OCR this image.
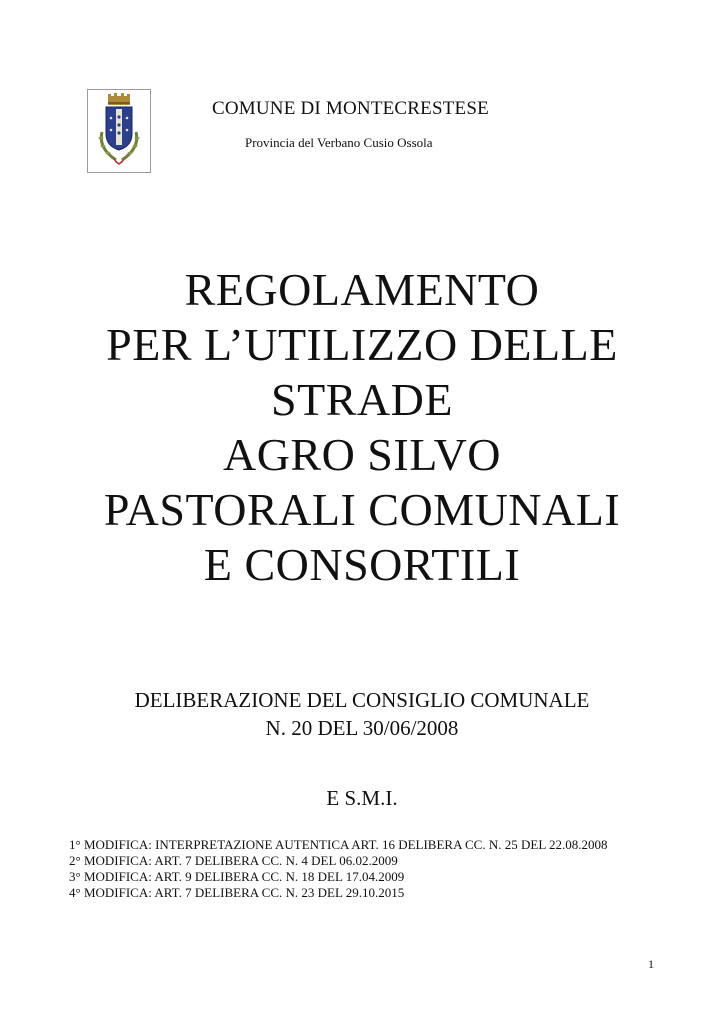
COMUNE DI MONTECRESTESE
Provincia del Verbano Cusio Ossola
REGOLAMENTO
PER L’UTILIZZO DELLE
STRADE
AGRO SILVO
PASTORALI COMUNALI
E CONSORTILI
DELIBERAZIONE DEL CONSIGLIO COMUNALE
N. 20 DEL 30/06/2008
E S.M.I.
1° MODIFICA: INTERPRETAZIONE AUTENTICA ART. 16 DELIBERA CC. N. 25 DEL 22.08.2008
2° MODIFICA: ART. 7 DELIBERA CC. N. 4 DEL 06.02.2009
3° MODIFICA: ART. 9 DELIBERA CC. N. 18 DEL 17.04.2009
4° MODIFICA: ART. 7 DELIBERA CC. N. 23 DEL 29.10.2015
1
